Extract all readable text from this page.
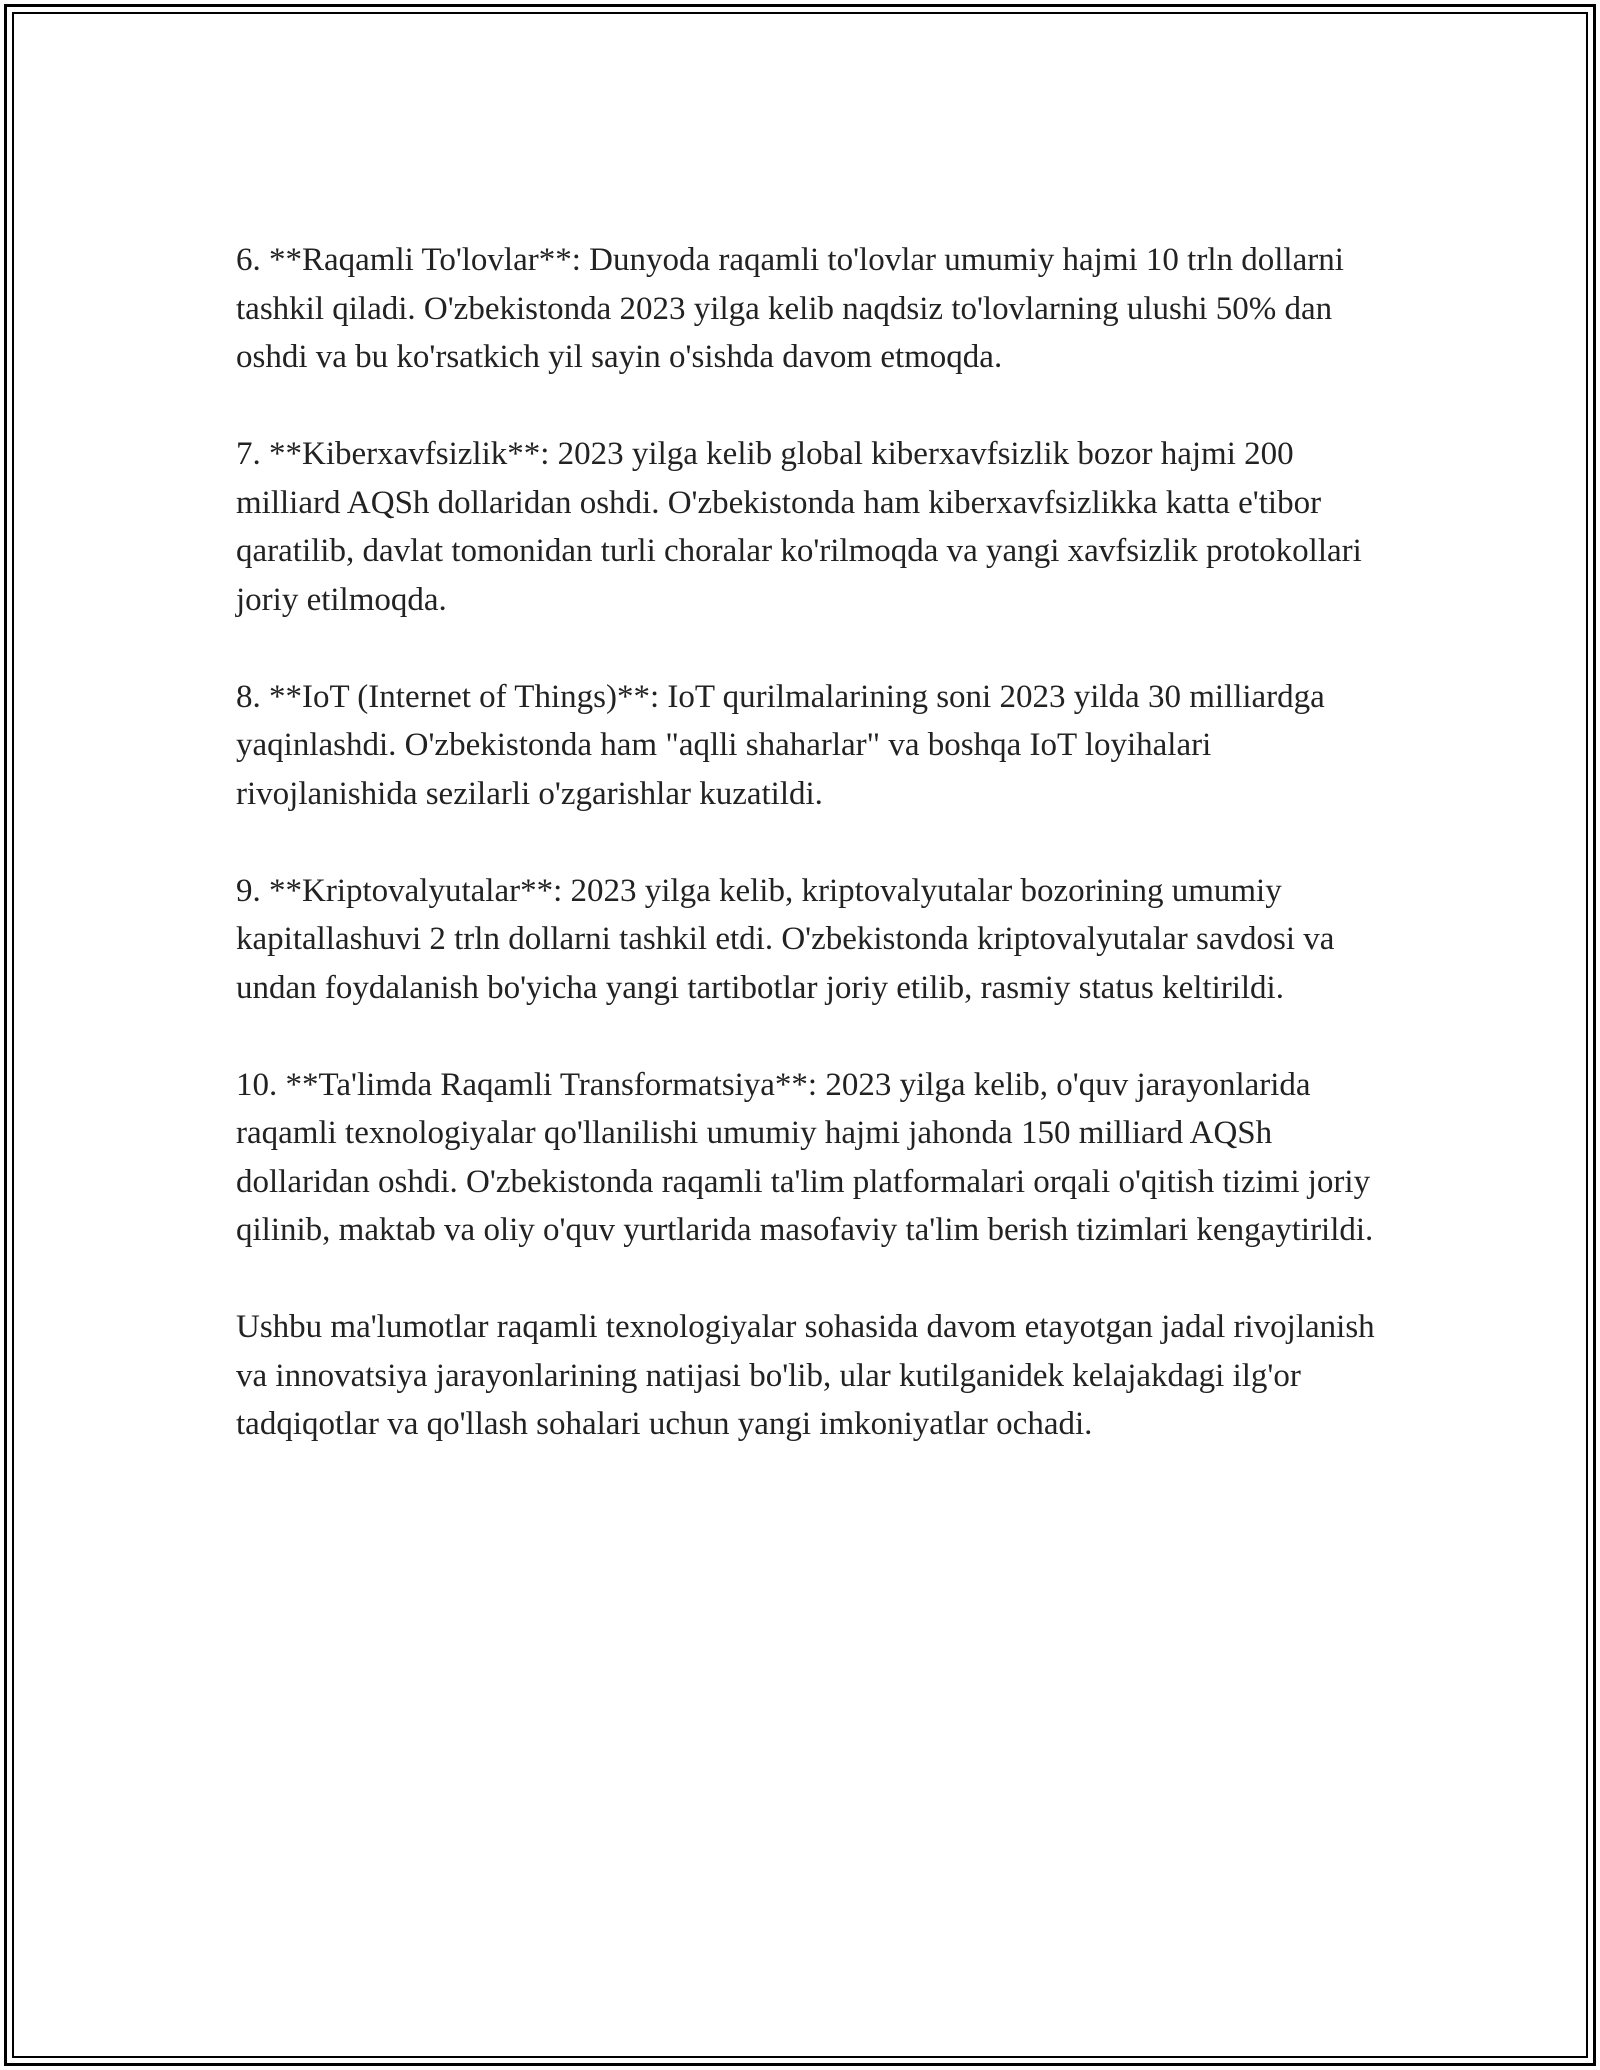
6. **Raqamli To'lovlar**: Dunyoda raqamli to'lovlar umumiy hajmi 10 trln dollarni tashkil qiladi. O'zbekistonda 2023 yilga kelib naqdsiz to'lovlarning ulushi 50% dan oshdi va bu ko'rsatkich yil sayin o'sishda davom etmoqda.

7. **Kiberxavfsizlik**: 2023 yilga kelib global kiberxavfsizlik bozor hajmi 200 milliard AQSh dollaridan oshdi. O'zbekistonda ham kiberxavfsizlikka katta e'tibor qaratilib, davlat tomonidan turli choralar ko'rilmoqda va yangi xavfsizlik protokollari joriy etilmoqda.

8. **IoT (Internet of Things)**: IoT qurilmalarining soni 2023 yilda 30 milliardga yaqinlashdi. O'zbekistonda ham "aqlli shaharlar" va boshqa IoT loyihalari rivojlanishida sezilarli o'zgarishlar kuzatildi.

9. **Kriptovalyutalar**: 2023 yilga kelib, kriptovalyutalar bozorining umumiy kapitallashuvi 2 trln dollarni tashkil etdi. O'zbekistonda kriptovalyutalar savdosi va undan foydalanish bo'yicha yangi tartibotlar joriy etilib, rasmiy status keltirildi.

10. **Ta'limda Raqamli Transformatsiya**: 2023 yilga kelib, o'quv jarayonlarida raqamli texnologiyalar qo'llanilishi umumiy hajmi jahonda 150 milliard AQSh dollaridan oshdi. O'zbekistonda raqamli ta'lim platformalari orqali o'qitish tizimi joriy qilinib, maktab va oliy o'quv yurtlarida masofaviy ta'lim berish tizimlari kengaytirildi.

Ushbu ma'lumotlar raqamli texnologiyalar sohasida davom etayotgan jadal rivojlanish va innovatsiya jarayonlarining natijasi bo'lib, ular kutilganidek kelajakdagi ilg'or tadqiqotlar va qo'llash sohalari uchun yangi imkoniyatlar ochadi.
